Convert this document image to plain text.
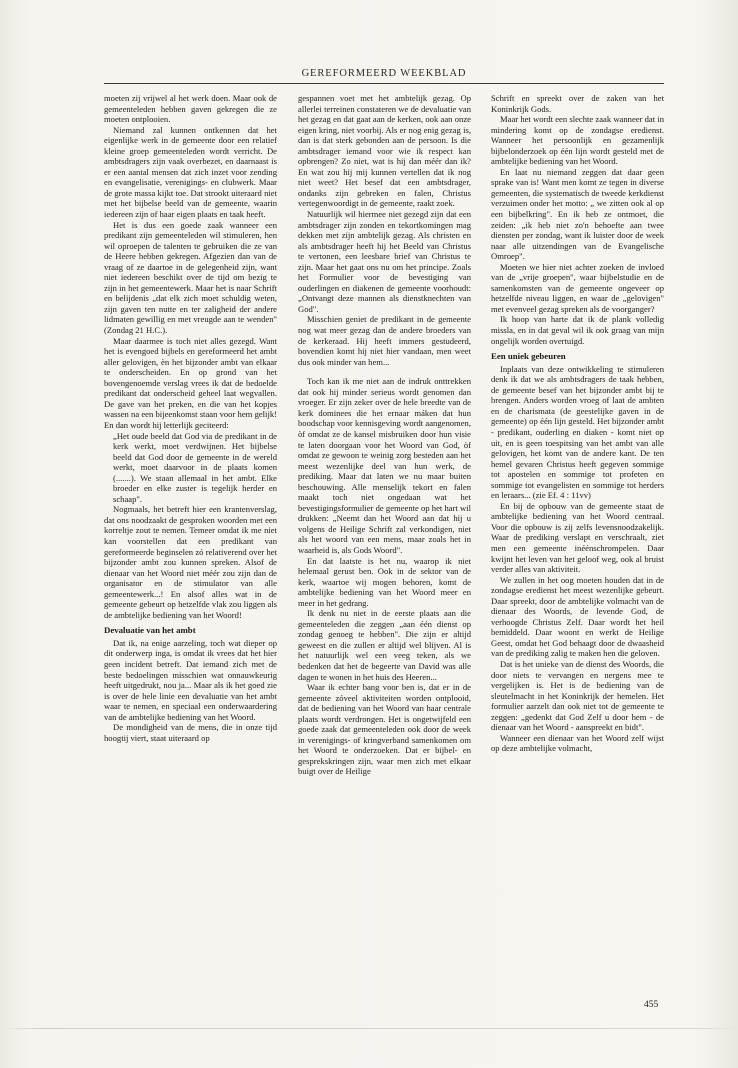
GEREFORMEERD WEEKBLAD

moeten zij vrijwel al het werk doen. Maar ook de gemeenteleden hebben gaven gekregen die ze moeten ontplooien.

Niemand zal kunnen ontkennen dat het eigenlijke werk in de gemeente door een relatief kleine groep gemeenteleden wordt verricht. De ambtsdragers zijn vaak overbezet, en daarnaast is er een aantal mensen dat zich inzet voor zending en evangelisatie, verenigings- en clubwerk. Maar de grote massa kijkt toe. Dat strookt uiteraard niet met het bijbelse beeld van de gemeente, waarin iedereen zijn of haar eigen plaats en taak heeft.

Het is dus een goede zaak wanneer een predikant zijn gemeenteleden wil stimuleren, hen wil oproepen de talenten te gebruiken die ze van de Heere hebben gekregen. Afgezien dan van de vraag of ze daartoe in de gelegenheid zijn, want niet iedereen beschikt over de tijd om bezig te zijn in het gemeentewerk. Maar het is naar Schrift en belijdenis „dat elk zich moet schuldig weten, zijn gaven ten nutte en ter zaligheid der andere lidmaten gewillig en met vreugde aan te wenden" (Zondag 21 H.C.).

Maar daarmee is toch niet alles gezegd. Want het is evengoed bijbels en gereformeerd het ambt aller gelovigen, èn het bijzonder ambt van elkaar te onderscheiden. En op grond van het bovengenoemde verslag vrees ik dat de bedoelde predikant dat onderscheid geheel laat wegvallen. De gave van het preken, en die van het kopjes wassen na een bijeenkomst staan voor hem gelijk! En dan wordt hij letterlijk geciteerd:

„Het oude beeld dat God via de predikant in de kerk werkt, moet verdwijnen. Het bijbelse beeld dat God door de gemeente in de wereld werkt, moet daarvoor in de plaats komen (.......). We staan allemaal in het ambt. Elke broeder en elke zuster is tegelijk herder en schaap".

Nogmaals, het betreft hier een krantenverslag, dat ons noodzaakt de gesproken woorden met een korreltje zout te nemen. Temeer omdat ik me niet kan voorstellen dat een predikant van gereformeerde beginselen zó relativerend over het bijzonder ambt zou kunnen spreken. Alsof de dienaar van het Woord niet méér zou zijn dan de organisator en de stimulator van alle gemeentewerk...! En alsof alles wat in de gemeente gebeurt op hetzelfde vlak zou liggen als de ambtelijke bediening van het Woord!

Devaluatie van het ambt

Dat ik, na enige aarzeling, toch wat dieper op dit onderwerp inga, is omdat ik vrees dat het hier geen incident betreft. Dat iemand zich met de beste bedoelingen misschien wat onnauwkeurig heeft uitgedrukt, nou ja... Maar als ik het goed zie is over de hele linie een devaluatie van het ambt waar te nemen, en speciaal een onderwaardering van de ambtelijke bediening van het Woord.

De mondigheid van de mens, die in onze tijd hoogtij viert, staat uiteraard op

gespannen voet met het ambtelijk gezag. Op allerlei terreinen constateren we de devaluatie van het gezag en dat gaat aan de kerken, ook aan onze eigen kring, niet voorbij. Als er nog enig gezag is, dan is dat sterk gebonden aan de persoon. Is die ambtsdrager iemand voor wie ik respect kan opbrengen? Zo niet, wat is hij dan méér dan ik? En wat zou hij mij kunnen vertellen dat ik nog niet weet? Het besef dat een ambtsdrager, ondanks zijn gebreken en falen, Christus vertegenwoordigt in de gemeente, raakt zoek.

Natuurlijk wil hiermee niet gezegd zijn dat een ambtsdrager zijn zonden en tekortkomingen mag dekken met zijn ambtelijk gezag. Als christen en als ambtsdrager heeft hij het Beeld van Christus te vertonen, een leesbare brief van Christus te zijn. Maar het gaat ons nu om het principe. Zoals het Formulier voor de bevestiging van ouderlingen en diakenen de gemeente voorhoudt: „Ontvangt deze mannen als dienstknechten van God".

Misschien geniet de predikant in de gemeente nog wat meer gezag dan de andere broeders van de kerkeraad. Hij heeft immers gestudeerd, bovendien komt hij niet hier vandaan, men weet dus ook minder van hem...

Toch kan ik me niet aan de indruk onttrekken dat ook hij minder serieus wordt genomen dan vroeger. Er zijn zeker over de hele breedte van de kerk dominees die het ernaar máken dat hun boodschap voor kennisgeving wordt aangenomen, òf omdat ze de kansel misbruiken door hun visie te laten doorgaan voor het Woord van God, òf omdat ze gewoon te weinig zorg besteden aan het meest wezenlijke deel van hun werk, de prediking. Maar dat laten we nu maar buiten beschouwing. Alle menselijk tekort en falen maakt toch niet ongedaan wat het bevestigingsformulier de gemeente op het hart wil drukken: „Neemt dan het Woord aan dat hij u volgens de Heilige Schrift zal verkondigen, niet als het woord van een mens, maar zoals het in waarheid is, als Gods Woord".

En dat laatste is het nu, waarop ik niet helemaal gerust ben. Ook in de sektor van de kerk, waartoe wij mogen behoren, komt de ambtelijke bediening van het Woord meer en meer in het gedrang.

Ik denk nu niet in de eerste plaats aan die gemeenteleden die zeggen „aan één dienst op zondag genoeg te hebben". Die zijn er altijd geweest en die zullen er altijd wel blijven. Al is het natuurlijk wel een veeg teken, als we bedenken dat het de begeerte van David was alle dagen te wonen in het huis des Heeren...

Waar ik echter bang voor ben is, dat er in de gemeente zóveel aktiviteiten worden ontplooid, dat de bediening van het Woord van haar centrale plaats wordt verdrongen. Het is ongetwijfeld een goede zaak dat gemeenteleden ook door de week in verenigings- of kringverband samenkomen om het Woord te onderzoeken. Dat er bijbel- en gesprekskringen zijn, waar men zich met elkaar buigt over de Heilige

Schrift en spreekt over de zaken van het Koninkrijk Gods.

Maar het wordt een slechte zaak wanneer dat in mindering komt op de zondagse eredienst. Wanneer het persoonlijk en gezamenlijk bijbelonderzoek op één lijn wordt gesteld met de ambtelijke bediening van het Woord.

En laat nu niemand zeggen dat daar geen sprake van is! Want men komt ze tegen in diverse gemeenten, die systematisch de tweede kerkdienst verzuimen onder het motto: „ we zitten ook al op een bijbelkring". En ik heb ze ontmoet, die zeiden: „ik heb niet zo'n behoefte aan twee diensten per zondag, want ik luister door de week naar alle uitzendingen van de Evangelische Omroep".

Moeten we hier niet achter zoeken de invloed van de „vrije groepen", waar bijbelstudie en de samenkomsten van de gemeente ongeveer op hetzelfde niveau liggen, en waar de „gelovigen" met evenveel gezag spreken als de voorganger?

Ik hoop van harte dat ik de plank volledig missla, en in dat geval wil ik ook graag van mijn ongelijk worden overtuigd.

Een uniek gebeuren

Inplaats van deze ontwikkeling te stimuleren denk ik dat we als ambtsdragers de taak hebben, de gemeente besef van het bijzonder ambt bij te brengen. Anders worden vroeg of laat de ambten en de charismata (de geestelijke gaven in de gemeente) op één lijn gesteld. Het bijzonder ambt - predikant, ouderling en diaken - komt niet op uit, en is geen toespitsing van het ambt van alle gelovigen, het komt van de andere kant. De ten hemel gevaren Christus heeft gegeven sommige tot apostelen en sommige tot profeten en sommige tot evangelisten en sommige tot herders en leraars... (zie Ef. 4 : 11vv)

En bij de opbouw van de gemeente staat de ambtelijke bediening van het Woord centraal. Voor die opbouw is zij zelfs levensnoodzakelijk. Waar de prediking verslapt en verschraalt, ziet men een gemeente inéénschrompelen. Daar kwijnt het leven van het geloof weg, ook al bruist verder alles van aktiviteit.

We zullen in het oog moeten houden dat in de zondagse eredienst het meest wezenlijke gebeurt. Daar spreekt, door de ambtelijke volmacht van de dienaar des Woords, de levende God, de verhoogde Christus Zelf. Daar wordt het heil bemiddeld. Daar woont en werkt de Heilige Geest, omdat het God behaagt door de dwaasheid van de prediking zalig te maken hen die geloven.

Dat is het unieke van de dienst des Woords, die door niets te vervangen en nergens mee te vergelijken is. Het is de bediening van de sleutelmacht in het Koninkrijk der hemelen. Het formulier aarzelt dan ook niet tot de gemeente te zeggen: „gedenkt dat God Zelf u door hem - de dienaar van het Woord - aanspreekt en bidt".

Wanneer een dienaar van het Woord zelf wijst op deze ambtelijke volmacht,

455
